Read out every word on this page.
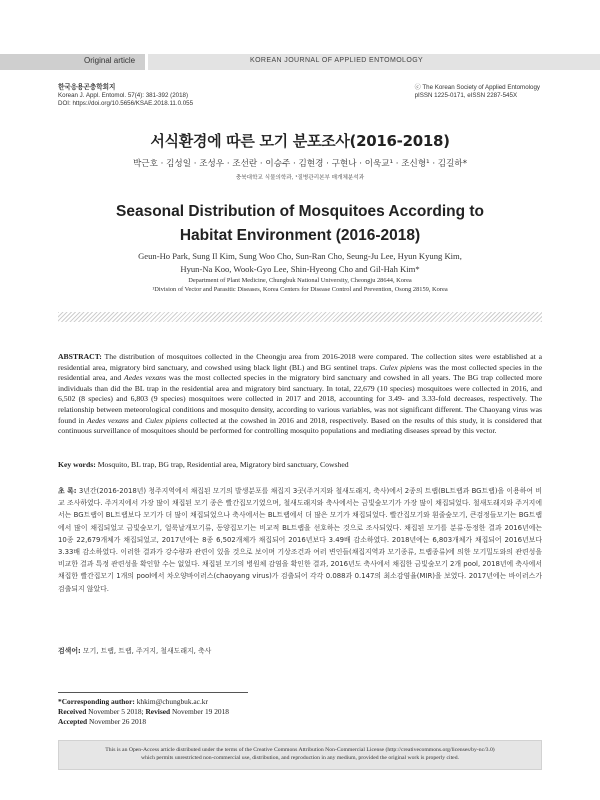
Original article	KOREAN JOURNAL OF APPLIED ENTOMOLOGY
한국응용곤충학회지
Korean J. Appl. Entomol. 57(4): 381-392 (2018)
DOI: https://doi.org/10.5656/KSAE.2018.11.0.055
ⓒ The Korean Society of Applied Entomology
pISSN 1225-0171, eISSN 2287-545X
서식환경에 따른 모기 분포조사(2016-2018)
박근호 · 김성일 · 조성우 · 조선란 · 이승주 · 김현경 · 구현나 · 이욱교¹ · 조신형¹ · 김길하*
충북대학교 식물의학과, ¹질병관리본부 매개체분석과
Seasonal Distribution of Mosquitoes According to
Habitat Environment (2016-2018)
Geun-Ho Park, Sung Il Kim, Sung Woo Cho, Sun-Ran Cho, Seung-Ju Lee, Hyun Kyung Kim,
Hyun-Na Koo, Wook-Gyo Lee, Shin-Hyeong Cho and Gil-Hah Kim*
Department of Plant Medicine, Chungbuk National University, Cheongju 28644, Korea
¹Division of Vector and Parasitic Diseases, Korea Centers for Disease Control and Prevention, Osong 28159, Korea

ABSTRACT: The distribution of mosquitoes collected in the Cheongju area from 2016-2018 were compared. The collection sites were established at a residential area, migratory bird sanctuary, and cowshed using black light (BL) and BG sentinel traps. Culex pipiens was the most collected species in the residential area, and Aedes vexans was the most collected species in the migratory bird sanctuary and cowshed in all years. The BG trap collected more individuals than did the BL trap in the residential area and migratory bird sanctuary. In total, 22,679 (10 species) mosquitoes were collected in 2016, and 6,502 (8 species) and 6,803 (9 species) mosquitoes were collected in 2017 and 2018, accounting for 3.49- and 3.33-fold decreases, respectively. The relationship between meteorological conditions and mosquito density, according to various variables, was not significant different. The Chaoyang virus was found in Aedes vexans and Culex pipiens collected at the cowshed in 2016 and 2018, respectively. Based on the results of this study, it is considered that continuous surveillance of mosquitoes should be performed for controlling mosquito populations and mediating diseases spread by this vector.

Key words: Mosquito, BL trap, BG trap, Residential area, Migratory bird sanctuary, Cowshed

초 록: 3년간(2016-2018년) 청주지역에서 채집된 모기의 발생분포를 채집지 3곳(주거지와 철새도래지, 축사)에서 2종의 트랩(BL트랩과 BG트랩)을 이용하여 비교 조사하였다. 주거지에서 가장 많이 채집된 모기 종은 빨간집모기였으며, 철새도래지와 축사에서는 금빛숲모기가 가장 많이 채집되었다. 철새도래지와 주거지에서는 BG트랩이 BL트랩보다 모기가 더 많이 채집되었으나 축사에서는 BL트랩에서 더 많은 모기가 채집되었다. 빨간집모기와 흰줄숲모기, 큰검정들모기는 BG트랩에서 많이 채집되었고 금빛숲모기, 얼룩날개모기류, 동양집모기는 비교적 BL트랩을 선호하는 것으로 조사되었다. 채집된 모기를 분류·동정한 결과 2016년에는 10종 22,679개체가 채집되었고, 2017년에는 8종 6,502개체가 채집되어 2016년보다 3.49배 감소하였다. 2018년에는 6,803개체가 채집되어 2016년보다 3.33배 감소하였다. 이러한 결과가 강수량과 관련이 있을 것으로 보이며 기상조건과 여러 변인들(채집지역과 모기종류, 트랩종류)에 의한 모기밀도와의 관련성을 비교한 결과 특정 관련성을 확인할 수는 없었다. 채집된 모기의 병원체 감염을 확인한 결과, 2016년도 축사에서 채집한 금빛숲모기 2개 pool, 2018년에 축사에서 채집한 빨간집모기 1개의 pool에서 차오양바이러스(chaoyang virus)가 검출되어 각각 0.088과 0.147의 최소감염율(MIR)을 보였다. 2017년에는 바이러스가 검출되지 않았다.

검색어: 모기, 트랩, 트랩, 주거지, 철새도래지, 축사

*Corresponding author: khkim@chungbuk.ac.kr
Received November 5 2018; Revised November 19 2018
Accepted November 26 2018
This is an Open-Access article distributed under the terms of the Creative Commons Attribution Non-Commercial License (http://creativecommons.org/licenses/by-nc/3.0)
which permits unrestricted non-commercial use, distribution, and reproduction in any medium, provided the original work is properly cited.
